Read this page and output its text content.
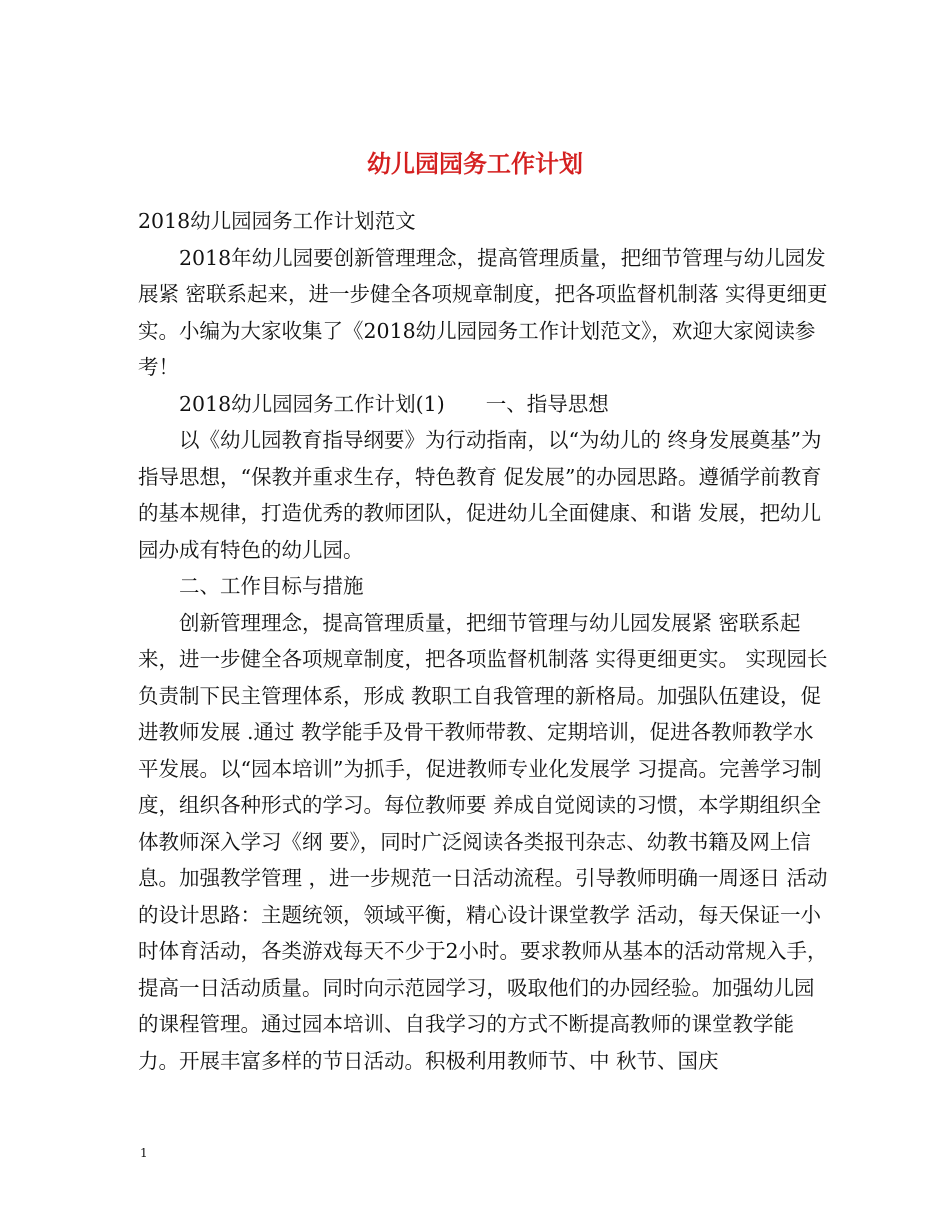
幼儿园园务工作计划

2018幼儿园园务工作计划范文

2018年幼儿园要创新管理理念，提高管理质量，把细节管理与幼儿园发展紧 密联系起来，进一步健全各项规章制度，把各项监督机制落 实得更细更实。小编为大家收集了《2018幼儿园园务工作计划范文》，欢迎大家阅读参考！

2018幼儿园园务工作计划(1)　　一、指导思想

以《幼儿园教育指导纲要》为行动指南，以“为幼儿的 终身发展奠基”为指导思想，“保教并重求生存，特色教育 促发展”的办园思路。遵循学前教育的基本规律，打造优秀的教师团队，促进幼儿全面健康、和谐 发展，把幼儿园办成有特色的幼儿园。

二、工作目标与措施

创新管理理念，提高管理质量，把细节管理与幼儿园发展紧 密联系起来，进一步健全各项规章制度，把各项监督机制落 实得更细更实。 实现园长负责制下民主管理体系，形成 教职工自我管理的新格局。加强队伍建设，促进教师发展 .通过 教学能手及骨干教师带教、定期培训，促进各教师教学水平发展。以“园本培训”为抓手，促进教师专业化发展学 习提高。完善学习制度，组织各种形式的学习。每位教师要 养成自觉阅读的习惯，本学期组织全体教师深入学习《纲 要》，同时广泛阅读各类报刊杂志、幼教书籍及网上信息。加强教学管理 ，进一步规范一日活动流程。引导教师明确一周逐日 活动的设计思路：主题统领，领域平衡，精心设计课堂教学 活动，每天保证一小时体育活动，各类游戏每天不少于2小时。要求教师从基本的活动常规入手，提高一日活动质量。同时向示范园学习，吸取他们的办园经验。加强幼儿园的课程管理。通过园本培训、自我学习的方式不断提高教师的课堂教学能力。开展丰富多样的节日活动。积极利用教师节、中 秋节、国庆

1
